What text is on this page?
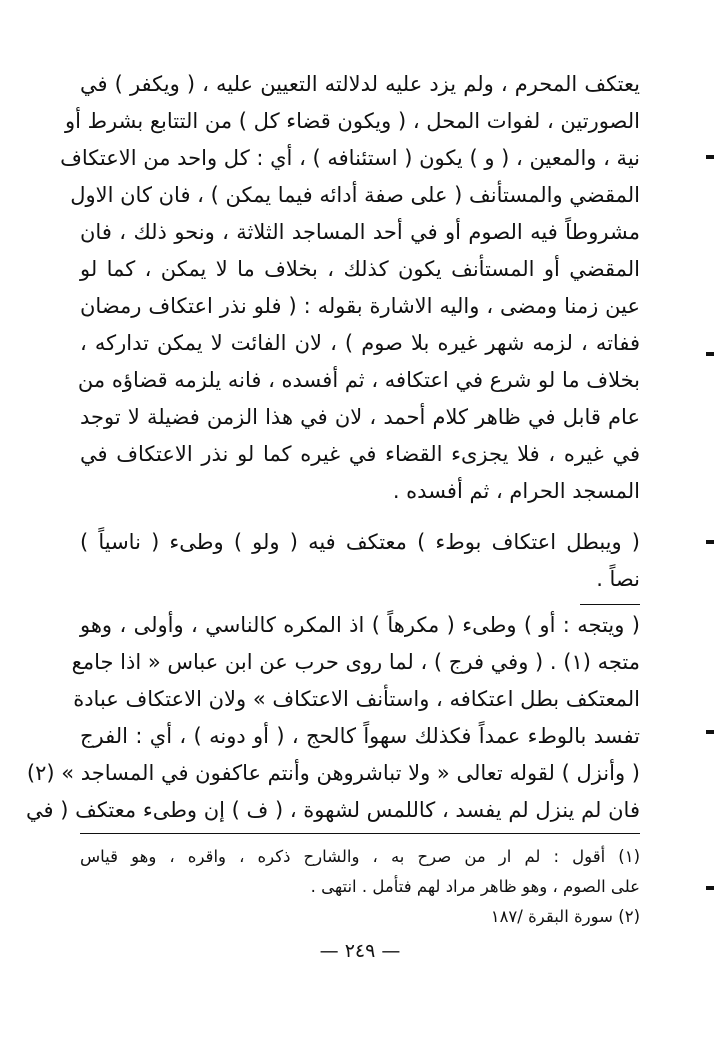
يعتكف المحرم ، ولم يزد عليه لدلالته التعيين عليه ، ( ويكفر ) في
الصورتين ، لفوات المحل ، ( ويكون قضاء كل ) من التتابع بشرط أو
نية ، والمعين ، ( و ) يكون ( استئنافه ) ، أي : كل واحد من الاعتكاف
المقضي والمستأنف ( على صفة أدائه فيما يمكن ) ، فان كان الاول
مشروطاً فيه الصوم أو في أحد المساجد الثلاثة ، ونحو ذلك ، فان
المقضي أو المستأنف يكون كذلك ، بخلاف ما لا يمكن ، كما لو
عين زمنا ومضى ، واليه الاشارة بقوله : ( فلو نذر اعتكاف رمضان
ففاته ، لزمه شهر غيره بلا صوم ) ، لان الفائت لا يمكن تداركه ،
بخلاف ما لو شرع في اعتكافه ، ثم أفسده ، فانه يلزمه قضاؤه من
عام قابل في ظاهر كلام أحمد ، لان في هذا الزمن فضيلة لا توجد
في غيره ، فلا يجزىء القضاء في غيره كما لو نذر الاعتكاف في
المسجد الحرام ، ثم أفسده .
( ويبطل اعتكاف بوطء ) معتكف فيه ( ولو ) وطىء ( ناسياً )
نصاً .
( ويتجه : أو ) وطىء ( مكرهاً ) اذ المكره كالناسي ، وأولى ، وهو
متجه (١) . ( وفي فرج ) ، لما روى حرب عن ابن عباس « اذا جامع
المعتكف بطل اعتكافه ، واستأنف الاعتكاف » ولان الاعتكاف عبادة
تفسد بالوطء عمداً فكذلك سهواً كالحج ، ( أو دونه ) ، أي : الفرج
( وأنزل ) لقوله تعالى « ولا تباشروهن وأنتم عاكفون في المساجد » (٢)
فان لم ينزل لم يفسد ، كاللمس لشهوة ، ( ف ) إن وطىء معتكف ( في
(١) أقول : لم ار من صرح به ، والشارح ذكره ، واقره ، وهو قياس
على الصوم ، وهو ظاهر مراد لهم فتأمل . انتهى .
(٢) سورة البقرة /١٨٧
— ٢٤٩ —
